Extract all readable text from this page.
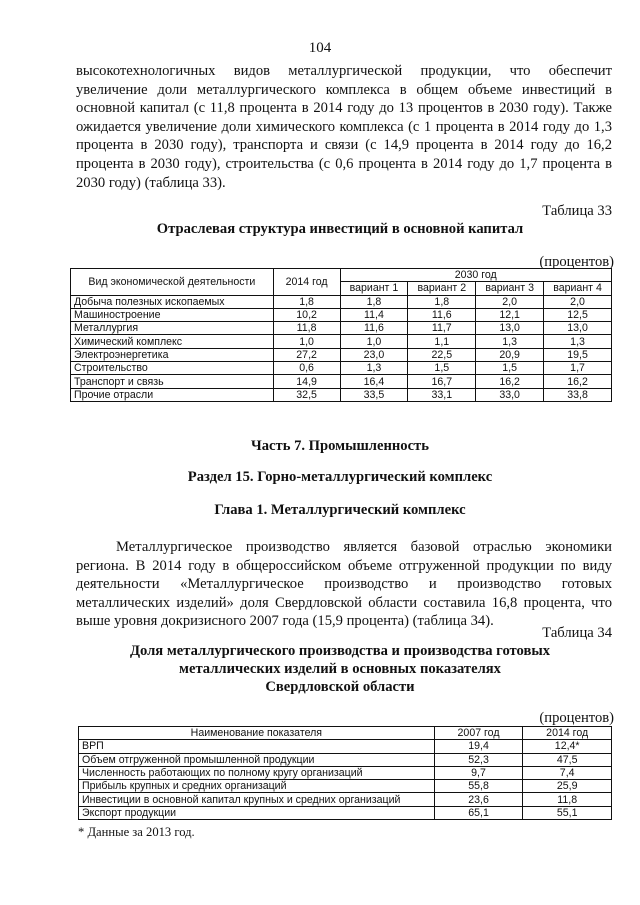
104

высокотехнологичных видов металлургической продукции, что обеспечит увеличение доли металлургического комплекса в общем объеме инвестиций в основной капитал (с 11,8 процента в 2014 году до 13 процентов в 2030 году). Также ожидается увеличение доли химического комплекса (с 1 процента в 2014 году до 1,3 процента в 2030 году), транспорта и связи (с 14,9 процента в 2014 году до 16,2 процента в 2030 году), строительства (с 0,6 процента в 2014 году до 1,7 процента в 2030 году) (таблица 33).

Таблица 33
Отраслевая структура инвестиций в основной капитал
(процентов)
Вид экономической деятельности	2014 год	2030 год			
		вариант 1	вариант 2	вариант 3	вариант 4
Добыча полезных ископаемых	1,8	1,8	1,8	2,0	2,0
Машиностроение	10,2	11,4	11,6	12,1	12,5
Металлургия	11,8	11,6	11,7	13,0	13,0
Химический комплекс	1,0	1,0	1,1	1,3	1,3
Электроэнергетика	27,2	23,0	22,5	20,9	19,5
Строительство	0,6	1,3	1,5	1,5	1,7
Транспорт и связь	14,9	16,4	16,7	16,2	16,2
Прочие отрасли	32,5	33,5	33,1	33,0	33,8
Часть 7. Промышленность
Раздел 15. Горно-металлургический комплекс
Глава 1. Металлургический комплекс

Металлургическое производство является базовой отраслью экономики региона. В 2014 году в общероссийском объеме отгруженной продукции по виду деятельности «Металлургическое производство и производство готовых металлических изделий» доля Свердловской области составила 16,8 процента, что выше уровня докризисного 2007 года (15,9 процента) (таблица 34).

Таблица 34
Доля металлургического производства и производства готовых
металлических изделий в основных показателях
Свердловской области
(процентов)
Наименование показателя	2007 год	2014 год
ВРП	19,4	12,4*
Объем отгруженной промышленной продукции	52,3	47,5
Численность работающих по полному кругу организаций	9,7	7,4
Прибыль крупных и средних организаций	55,8	25,9
Инвестиции в основной капитал крупных и средних организаций	23,6	11,8
Экспорт продукции	65,1	55,1
* Данные за 2013 год.
